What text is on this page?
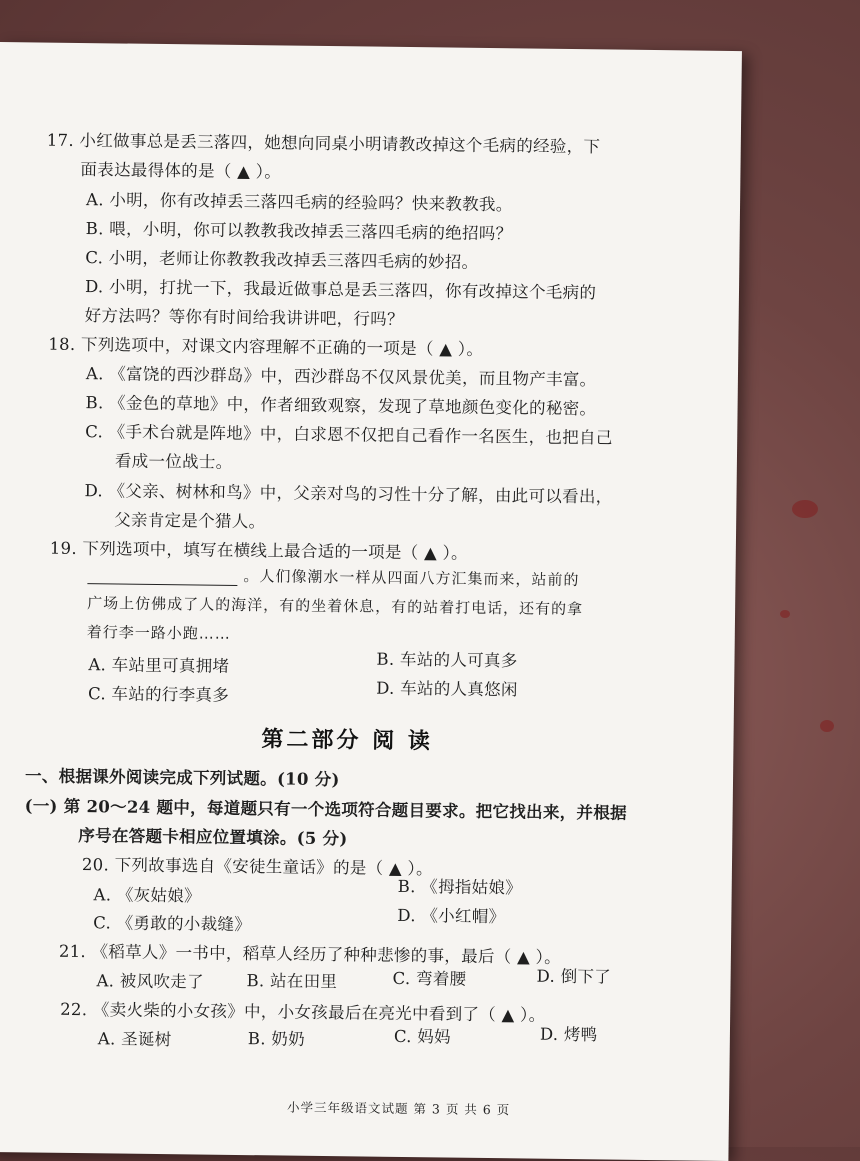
17. 小红做事总是丢三落四，她想向同桌小明请教改掉这个毛病的经验，下
面表达最得体的是（ ▲ ）。
A. 小明，你有改掉丢三落四毛病的经验吗？快来教教我。
B. 喂，小明，你可以教教我改掉丢三落四毛病的绝招吗？
C. 小明，老师让你教教我改掉丢三落四毛病的妙招。
D. 小明，打扰一下，我最近做事总是丢三落四，你有改掉这个毛病的
好方法吗？等你有时间给我讲讲吧，行吗？
18. 下列选项中，对课文内容理解不正确的一项是（ ▲ ）。
A. 《富饶的西沙群岛》中，西沙群岛不仅风景优美，而且物产丰富。
B. 《金色的草地》中，作者细致观察，发现了草地颜色变化的秘密。
C. 《手术台就是阵地》中，白求恩不仅把自己看作一名医生，也把自己
看成一位战士。
D. 《父亲、树林和鸟》中，父亲对鸟的习性十分了解，由此可以看出，
父亲肯定是个猎人。
19. 下列选项中，填写在横线上最合适的一项是（ ▲ ）。
。人们像潮水一样从四面八方汇集而来，站前的
广场上仿佛成了人的海洋，有的坐着休息，有的站着打电话，还有的拿
着行李一路小跑……
A. 车站里可真拥堵	B. 车站的人可真多
C. 车站的行李真多	D. 车站的人真悠闲
第二部分 阅 读
一、根据课外阅读完成下列试题。(10 分)
(一) 第 20～24 题中，每道题只有一个选项符合题目要求。把它找出来，并根据
序号在答题卡相应位置填涂。(5 分)
20. 下列故事选自《安徒生童话》的是（ ▲ ）。
A. 《灰姑娘》	B. 《拇指姑娘》
C. 《勇敢的小裁缝》	D. 《小红帽》
21. 《稻草人》一书中，稻草人经历了种种悲惨的事，最后（ ▲ ）。
A. 被风吹走了	B. 站在田里	C. 弯着腰	D. 倒下了
22. 《卖火柴的小女孩》中，小女孩最后在亮光中看到了（ ▲ ）。
A. 圣诞树	B. 奶奶	C. 妈妈	D. 烤鸭
小学三年级语文试题 第 3 页 共 6 页
